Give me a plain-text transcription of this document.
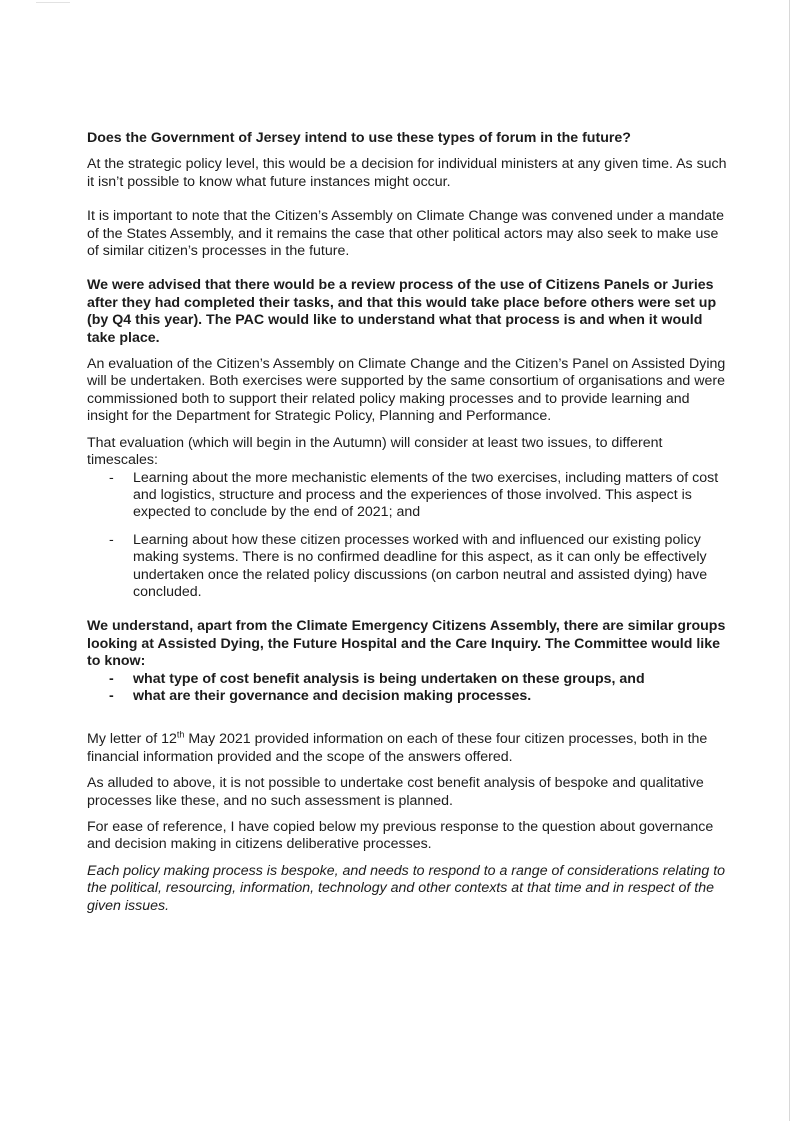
Does the Government of Jersey intend to use these types of forum in the future?

At the strategic policy level, this would be a decision for individual ministers at any given time. As such it isn’t possible to know what future instances might occur.

It is important to note that the Citizen’s Assembly on Climate Change was convened under a mandate of the States Assembly, and it remains the case that other political actors may also seek to make use of similar citizen’s processes in the future.

We were advised that there would be a review process of the use of Citizens Panels or Juries after they had completed their tasks, and that this would take place before others were set up (by Q4 this year). The PAC would like to understand what that process is and when it would take place.

An evaluation of the Citizen’s Assembly on Climate Change and the Citizen’s Panel on Assisted Dying will be undertaken. Both exercises were supported by the same consortium of organisations and were commissioned both to support their related policy making processes and to provide learning and insight for the Department for Strategic Policy, Planning and Performance.

That evaluation (which will begin in the Autumn) will consider at least two issues, to different timescales:

- Learning about the more mechanistic elements of the two exercises, including matters of cost and logistics, structure and process and the experiences of those involved. This aspect is expected to conclude by the end of 2021; and
- Learning about how these citizen processes worked with and influenced our existing policy making systems. There is no confirmed deadline for this aspect, as it can only be effectively undertaken once the related policy discussions (on carbon neutral and assisted dying) have concluded.

We understand, apart from the Climate Emergency Citizens Assembly, there are similar groups looking at Assisted Dying, the Future Hospital and the Care Inquiry. The Committee would like to know:

- what type of cost benefit analysis is being undertaken on these groups, and
- what are their governance and decision making processes.

My letter of 12th May 2021 provided information on each of these four citizen processes, both in the financial information provided and the scope of the answers offered.

As alluded to above, it is not possible to undertake cost benefit analysis of bespoke and qualitative processes like these, and no such assessment is planned.

For ease of reference, I have copied below my previous response to the question about governance and decision making in citizens deliberative processes.

Each policy making process is bespoke, and needs to respond to a range of considerations relating to the political, resourcing, information, technology and other contexts at that time and in respect of the given issues.
